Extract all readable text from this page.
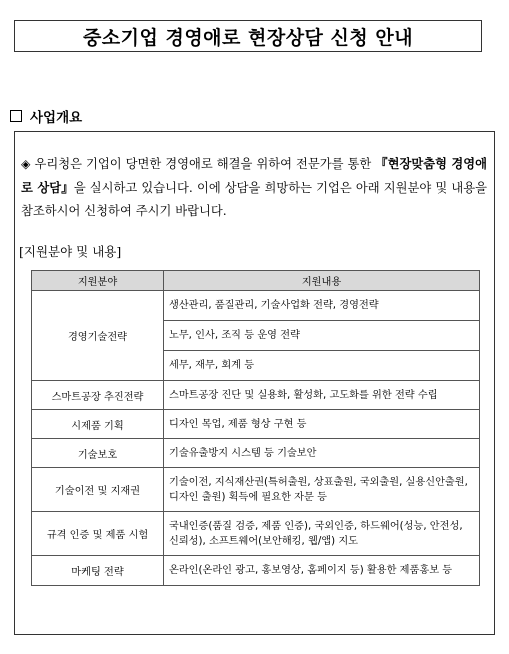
중소기업 경영애로 현장상담 신청 안내
사업개요
◈ 우리청은 기업이 당면한 경영애로 해결을 위하여 전문가를 통한 『현장맞춤형 경영애로 상담』을 실시하고 있습니다. 이에 상담을 희망하는 기업은 아래 지원분야 및 내용을 참조하시어 신청하여 주시기 바랍니다.
[지원분야 및 내용]
지원분야	지원내용
경영기술전략	생산관리, 품질관리, 기술사업화 전략, 경영전략
	노무, 인사, 조직 등 운영 전략
	세무, 재무, 회계 등
스마트공장 추진전략	스마트공장 진단 및 실용화, 활성화, 고도화를 위한 전략 수립
시제품 기획	디자인 목업, 제품 형상 구현 등
기술보호	기술유출방지 시스템 등 기술보안
기술이전 및 지재권	기술이전, 지식재산권(특허출원, 상표출원, 국외출원, 실용신안출원, 디자인 출원) 획득에 필요한 자문 등
규격 인증 및 제품 시험	국내인증(품질 검증, 제품 인증), 국외인증, 하드웨어(성능, 안전성, 신뢰성), 소프트웨어(보안해킹, 웹/앱) 지도
마케팅 전략	온라인(온라인 광고, 홍보영상, 홈페이지 등) 활용한 제품홍보 등
